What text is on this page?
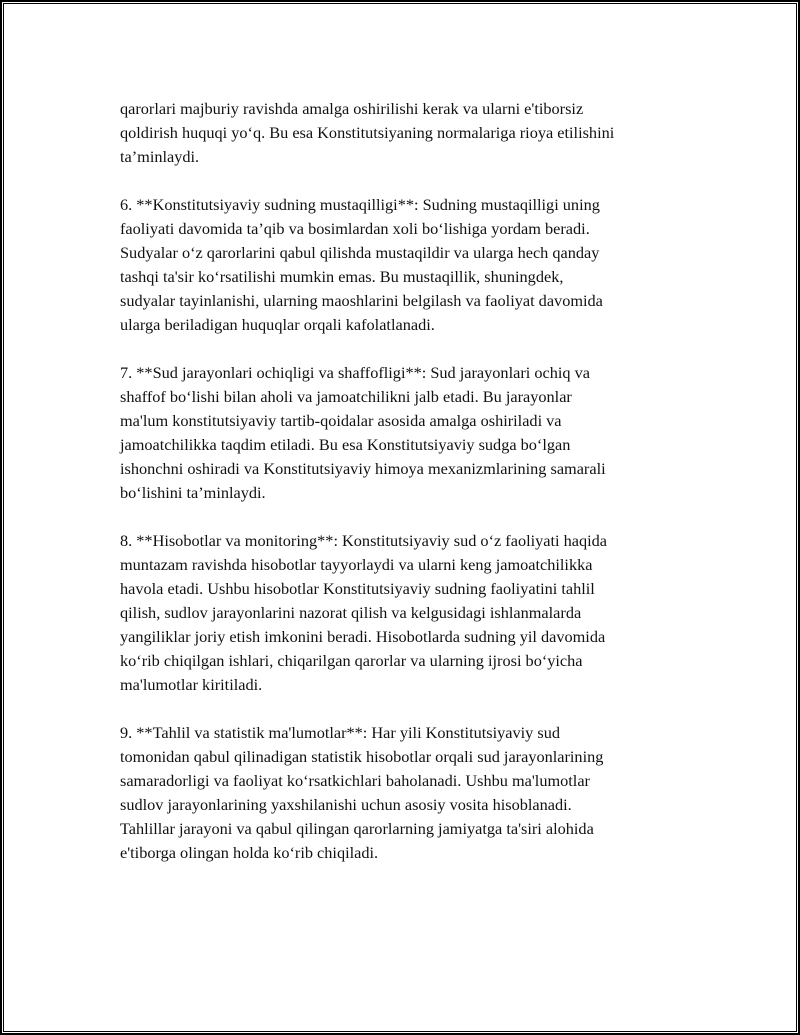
qarorlari majburiy ravishda amalga oshirilishi kerak va ularni e'tiborsiz
qoldirish huquqi yo‘q. Bu esa Konstitutsiyaning normalariga rioya etilishini
ta’minlaydi.

6. **Konstitutsiyaviy sudning mustaqilligi**: Sudning mustaqilligi uning
faoliyati davomida ta’qib va bosimlardan xoli bo‘lishiga yordam beradi.
Sudyalar o‘z qarorlarini qabul qilishda mustaqildir va ularga hech qanday
tashqi ta'sir ko‘rsatilishi mumkin emas. Bu mustaqillik, shuningdek,
sudyalar tayinlanishi, ularning maoshlarini belgilash va faoliyat davomida
ularga beriladigan huquqlar orqali kafolatlanadi.

7. **Sud jarayonlari ochiqligi va shaffofligi**: Sud jarayonlari ochiq va
shaffof bo‘lishi bilan aholi va jamoatchilikni jalb etadi. Bu jarayonlar
ma'lum konstitutsiyaviy tartib-qoidalar asosida amalga oshiriladi va
jamoatchilikka taqdim etiladi. Bu esa Konstitutsiyaviy sudga bo‘lgan
ishonchni oshiradi va Konstitutsiyaviy himoya mexanizmlarining samarali
bo‘lishini ta’minlaydi.

8. **Hisobotlar va monitoring**: Konstitutsiyaviy sud o‘z faoliyati haqida
muntazam ravishda hisobotlar tayyorlaydi va ularni keng jamoatchilikka
havola etadi. Ushbu hisobotlar Konstitutsiyaviy sudning faoliyatini tahlil
qilish, sudlov jarayonlarini nazorat qilish va kelgusidagi ishlanmalarda
yangiliklar joriy etish imkonini beradi. Hisobotlarda sudning yil davomida
ko‘rib chiqilgan ishlari, chiqarilgan qarorlar va ularning ijrosi bo‘yicha
ma'lumotlar kiritiladi.

9. **Tahlil va statistik ma'lumotlar**: Har yili Konstitutsiyaviy sud
tomonidan qabul qilinadigan statistik hisobotlar orqali sud jarayonlarining
samaradorligi va faoliyat ko‘rsatkichlari baholanadi. Ushbu ma'lumotlar
sudlov jarayonlarining yaxshilanishi uchun asosiy vosita hisoblanadi.
Tahlillar jarayoni va qabul qilingan qarorlarning jamiyatga ta'siri alohida
e'tiborga olingan holda ko‘rib chiqiladi.
